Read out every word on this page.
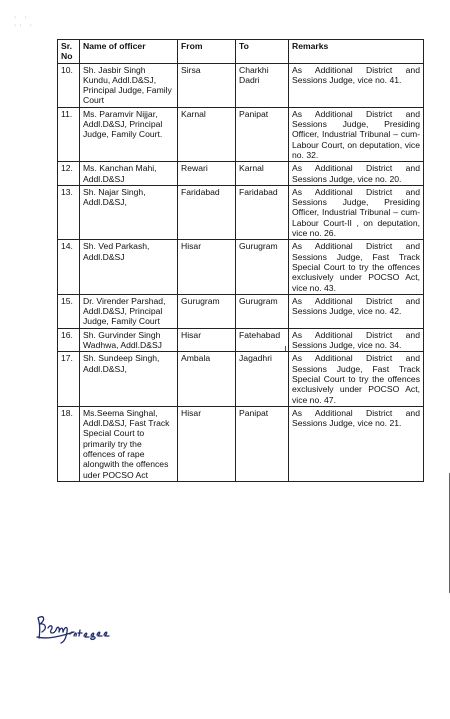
· ·
·· ·
Sr. No	Name of officer	From	To	Remarks
10.	Sh. Jasbir Singh Kundu, Addl.D&SJ, Principal Judge, Family Court	Sirsa	Charkhi Dadri	As Additional District and Sessions Judge, vice no. 41.
11.	Ms. Paramvir Nijjar, Addl.D&SJ, Principal Judge, Family Court.	Karnal	Panipat	As Additional District and Sessions Judge, Presiding Officer, Industrial Tribunal – cum-Labour Court, on deputation, vice no. 32.
12.	Ms. Kanchan Mahi, Addl.D&SJ	Rewari	Karnal	As Additional District and Sessions Judge, vice no. 20.
13.	Sh. Najar Singh, Addl.D&SJ,	Faridabad	Faridabad	As Additional District and Sessions Judge, Presiding Officer, Industrial Tribunal – cum-Labour Court-II , on deputation, vice no. 26.
14.	Sh. Ved Parkash, Addl.D&SJ	Hisar	Gurugram	As Additional District and Sessions Judge, Fast Track Special Court to try the offences exclusively under POCSO Act, vice no. 43.
15.	Dr. Virender Parshad, Addl.D&SJ, Principal Judge, Family Court	Gurugram	Gurugram	As Additional District and Sessions Judge, vice no. 42.
16.	Sh. Gurvinder Singh Wadhwa, Addl.D&SJ	Hisar	Fatehabad	As Additional District and Sessions Judge, vice no. 34.
17.	Sh. Sundeep Singh, Addl.D&SJ,	Ambala	Jagadhri	As Additional District and Sessions Judge, Fast Track Special Court to try the offences exclusively under POCSO Act, vice no. 47.
18.	Ms.Seema Singhal, Addl.D&SJ, Fast Track Special Court to primarily try the offences of rape alongwith the offences uder POCSO Act	Hisar	Panipat	As Additional District and Sessions Judge, vice no. 21.
